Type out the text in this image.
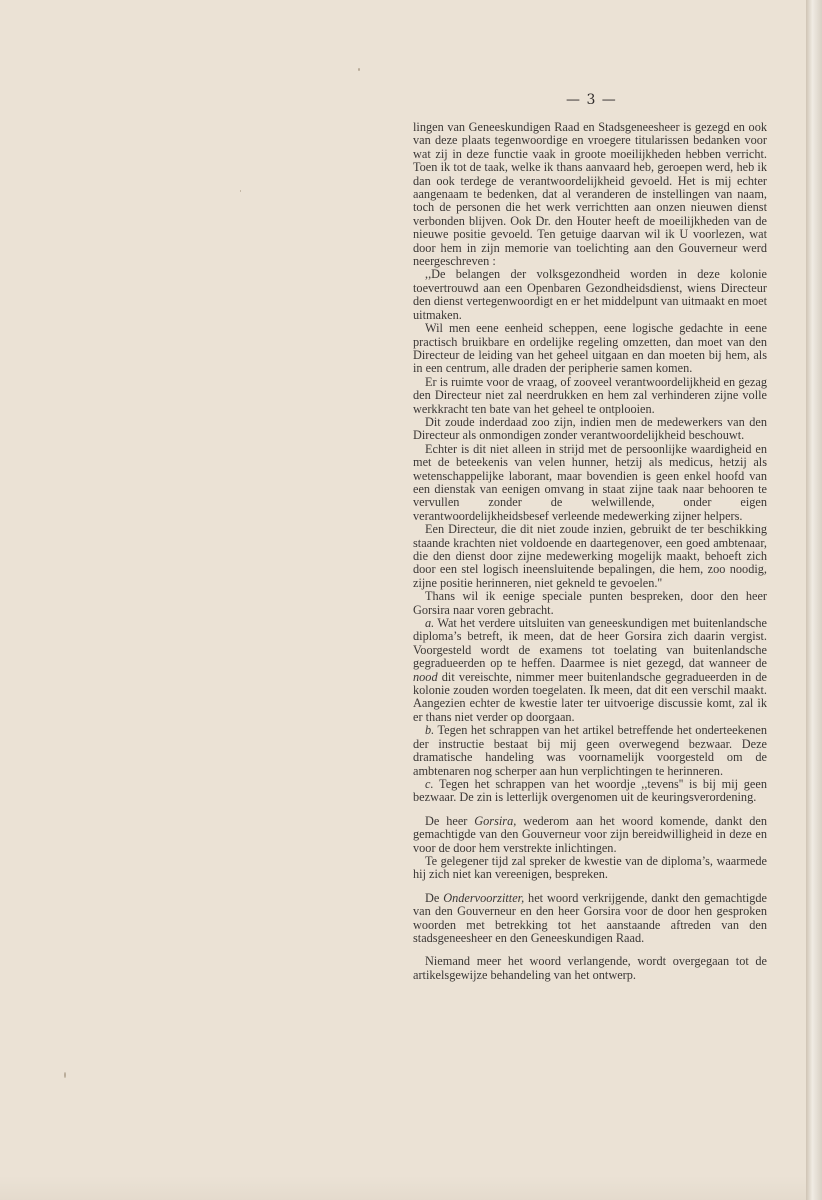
— 3 —

lingen van Geneeskundigen Raad en Stadsgeneesheer is gezegd en ook van deze plaats tegenwoordige en vroegere titularissen bedanken voor wat zij in deze functie vaak in groote moeilijkheden hebben verricht. Toen ik tot de taak, welke ik thans aanvaard heb, geroepen werd, heb ik dan ook terdege de verantwoordelijkheid gevoeld. Het is mij echter aangenaam te bedenken, dat al veranderen de instellingen van naam, toch de personen die het werk verrichtten aan onzen nieuwen dienst verbonden blijven. Ook Dr. den Houter heeft de moeilijkheden van de nieuwe positie gevoeld. Ten getuige daarvan wil ik U voorlezen, wat door hem in zijn memorie van toelichting aan den Gouverneur werd neergeschreven :

,,De belangen der volksgezondheid worden in deze kolonie toevertrouwd aan een Openbaren Gezondheidsdienst, wiens Directeur den dienst vertegenwoordigt en er het middelpunt van uitmaakt en moet uitmaken.

Wil men eene eenheid scheppen, eene logische gedachte in eene practisch bruikbare en ordelijke regeling omzetten, dan moet van den Directeur de leiding van het geheel uitgaan en dan moeten bij hem, als in een centrum, alle draden der peripherie samen komen.

Er is ruimte voor de vraag, of zooveel verantwoordelijkheid en gezag den Directeur niet zal neerdrukken en hem zal verhinderen zijne volle werkkracht ten bate van het geheel te ontplooien.

Dit zoude inderdaad zoo zijn, indien men de medewerkers van den Directeur als onmondigen zonder verantwoordelijkheid beschouwt.

Echter is dit niet alleen in strijd met de persoonlijke waardigheid en met de beteekenis van velen hunner, hetzij als medicus, hetzij als wetenschappelijke laborant, maar bovendien is geen enkel hoofd van een dienstak van eenigen omvang in staat zijne taak naar behooren te vervullen zonder de welwillende, onder eigen verantwoordelijkheidsbesef verleende medewerking zijner helpers.

Een Directeur, die dit niet zoude inzien, gebruikt de ter beschikking staande krachten niet voldoende en daartegenover, een goed ambtenaar, die den dienst door zijne medewerking mogelijk maakt, behoeft zich door een stel logisch ineensluitende bepalingen, die hem, zoo noodig, zijne positie herinneren, niet gekneld te gevoelen.''

Thans wil ik eenige speciale punten bespreken, door den heer Gorsira naar voren gebracht.

a. Wat het verdere uitsluiten van geneeskundigen met buitenlandsche diploma’s betreft, ik meen, dat de heer Gorsira zich daarin vergist. Voorgesteld wordt de examens tot toelating van buitenlandsche gegradueerden op te heffen. Daarmee is niet gezegd, dat wanneer de nood dit vereischte, nimmer meer buitenlandsche gegradueerden in de kolonie zouden worden toegelaten. Ik meen, dat dit een verschil maakt. Aangezien echter de kwestie later ter uitvoerige discussie komt, zal ik er thans niet verder op doorgaan.

b. Tegen het schrappen van het artikel betreffende het onderteekenen der instructie bestaat bij mij geen overwegend bezwaar. Deze dramatische handeling was voornamelijk voorgesteld om de ambtenaren nog scherper aan hun verplichtingen te herinneren.

c. Tegen het schrappen van het woordje ,,tevens'' is bij mij geen bezwaar. De zin is letterlijk overgenomen uit de keuringsverordening.

De heer Gorsira, wederom aan het woord komende, dankt den gemachtigde van den Gouverneur voor zijn bereidwilligheid in deze en voor de door hem verstrekte inlichtingen.

Te gelegener tijd zal spreker de kwestie van de diploma’s, waarmede hij zich niet kan vereenigen, bespreken.

De Ondervoorzitter, het woord verkrijgende, dankt den gemachtigde van den Gouverneur en den heer Gorsira voor de door hen gesproken woorden met betrekking tot het aanstaande aftreden van den stadsgeneesheer en den Geneeskundigen Raad.

Niemand meer het woord verlangende, wordt overgegaan tot de artikelsgewijze behandeling van het ontwerp.
